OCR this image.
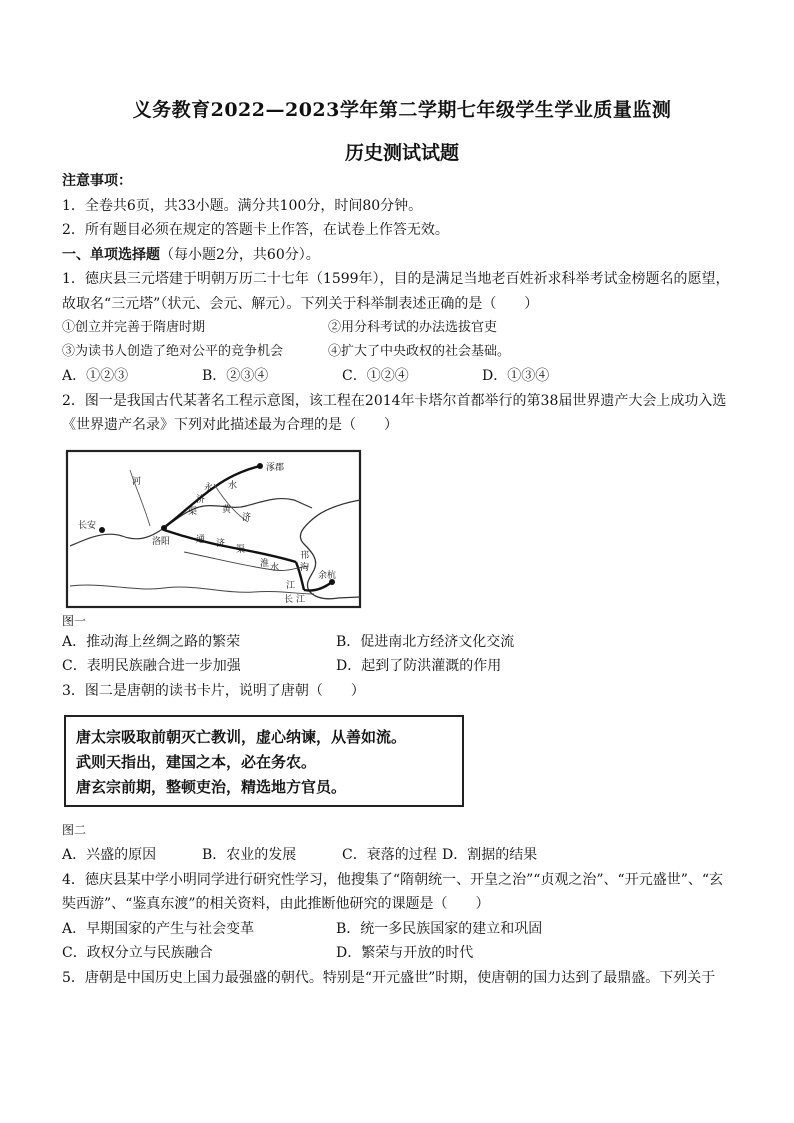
义务教育2022—2023学年第二学期七年级学生学业质量监测
历史测试试题
注意事项：
1．全卷共6页，共33小题。满分共100分，时间80分钟。
2．所有题目必须在规定的答题卡上作答，在试卷上作答无效。
一、单项选择题（每小题2分，共60分）。
1．德庆县三元塔建于明朝万历二十七年（1599年），目的是满足当地老百姓祈求科举考试金榜题名的愿望，
故取名“三元塔”（状元、会元、解元）。下列关于科举制表述正确的是（　　）
①创立并完善于隋唐时期	②用分科考试的办法选拔官吏
③为读书人创造了绝对公平的竞争机会	④扩大了中央政权的社会基础。
A．①②③	B．②③④	C．①②④	D．①③④
2．图一是我国古代某著名工程示意图，该工程在2014年卡塔尔首都举行的第38届世界遗产大会上成功入选
《世界遗产名录》下列对此描述最为合理的是（　　）
涿郡
河
永
济
渠	黄
长安
洛阳	通 济
渠
淮 水
邗
沟
江
余杭
长 江
水
济
图一
A．推动海上丝绸之路的繁荣	B．促进南北方经济文化交流
C．表明民族融合进一步加强	D．起到了防洪灌溉的作用
3．图二是唐朝的读书卡片，说明了唐朝（　　）
唐太宗吸取前朝灭亡教训，虚心纳谏，从善如流。
武则天指出，建国之本，必在务农。
唐玄宗前期，整顿吏治，精选地方官员。
图二
A．兴盛的原因	B．农业的发展	C．衰落的过程 D．割据的结果
4．德庆县某中学小明同学进行研究性学习，他搜集了“隋朝统一、开皇之治”“贞观之治”、“开元盛世”、“玄
奘西游”、“鉴真东渡”的相关资料，由此推断他研究的课题是（　　）
A．早期国家的产生与社会变革	B．统一多民族国家的建立和巩固
C．政权分立与民族融合	D．繁荣与开放的时代
5．唐朝是中国历史上国力最强盛的朝代。特别是“开元盛世”时期，使唐朝的国力达到了最鼎盛。下列关于
